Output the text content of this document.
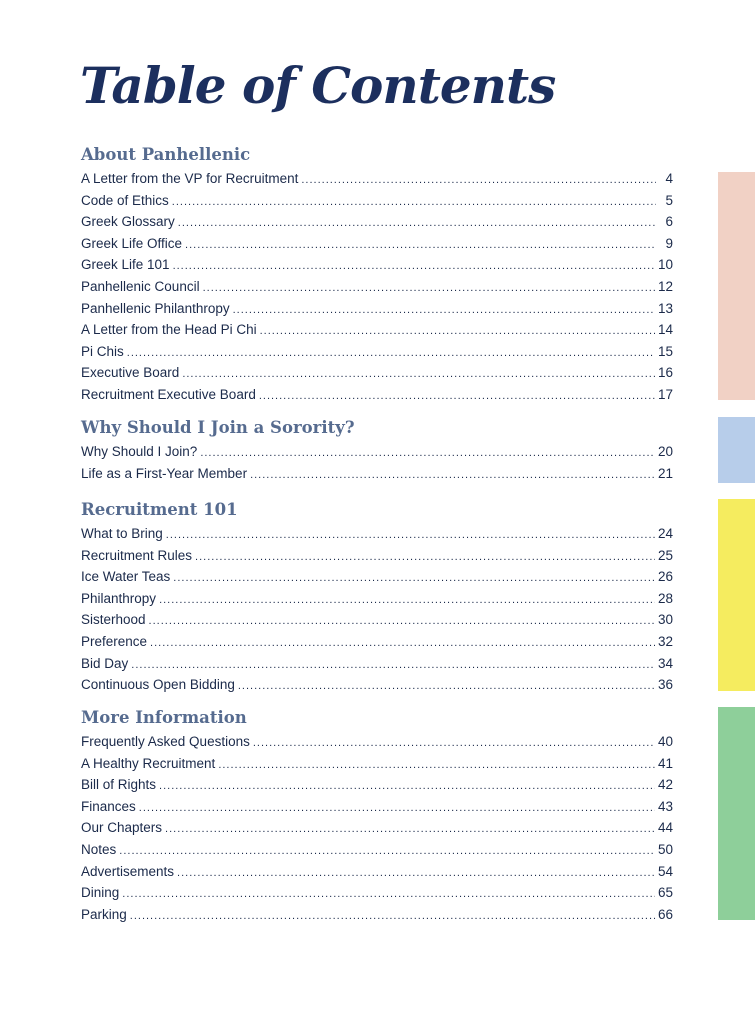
Table of Contents
About Panhellenic
A Letter from the VP for Recruitment .....	4
Code of Ethics .....	5
Greek Glossary .....	6
Greek Life Office .....	9
Greek Life 101 .....	10
Panhellenic Council .....	12
Panhellenic Philanthropy .....	13
A Letter from the Head Pi Chi .....	14
Pi Chis .....	15
Executive Board .....	16
Recruitment Executive Board .....	17
Why Should I Join a Sorority?
Why Should I Join? .....	20
Life as a First-Year Member .....	21
Recruitment 101
What to Bring .....	24
Recruitment Rules .....	25
Ice Water Teas .....	26
Philanthropy .....	28
Sisterhood .....	30
Preference .....	32
Bid Day .....	34
Continuous Open Bidding .....	36
More Information
Frequently Asked Questions .....	40
A Healthy Recruitment .....	41
Bill of Rights .....	42
Finances .....	43
Our Chapters .....	44
Notes .....	50
Advertisements .....	54
Dining .....	65
Parking .....	66
